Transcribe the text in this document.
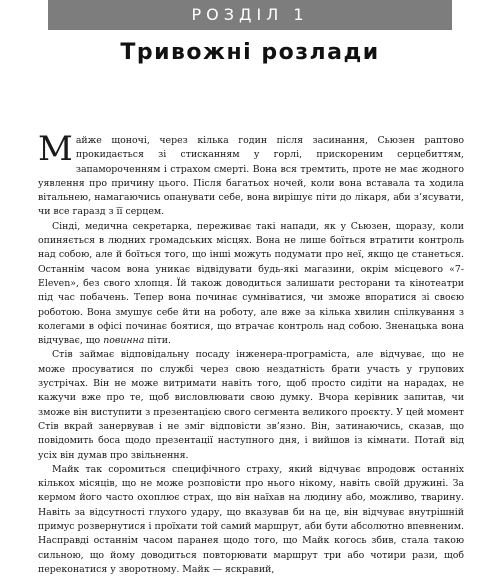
РОЗДІЛ 1
Тривожні розлади

Майже щоночі, через кілька годин після засинання, Сьюзен раптово прокидається зі стисканням у горлі, прискореним серцебиттям, запамороченням і страхом смерті. Вона вся тремтить, проте не має жодного уявлення про причину цього. Після багатьох ночей, коли вона вставала та ходила вітальнею, намагаючись опанувати себе, вона вирішує піти до лікаря, аби з’ясувати, чи все гаразд з її серцем.

Сінді, медична секретарка, переживає такі напади, як у Сьюзен, щоразу, коли опиняється в людних громадських місцях. Вона не лише боїться втратити контроль над собою, але й боїться того, що інші можуть подумати про неї, якщо це станеться. Останнім часом вона уникає відвідувати будь-які магазини, окрім місцевого «7-Eleven», без свого хлопця. Їй також доводиться залишати ресторани та кінотеатри під час побачень. Тепер вона починає сумніватися, чи зможе впоратися зі своєю роботою. Вона змушує себе йти на роботу, але вже за кілька хвилин спілкування з колегами в офісі починає боятися, що втрачає контроль над собою. Зненацька вона відчуває, що повинна піти.

Стів займає відповідальну посаду інженера-програміста, але відчуває, що не може просуватися по службі через свою нездатність брати участь у групових зустрічах. Він не може витримати навіть того, щоб просто сидіти на нарадах, не кажучи вже про те, щоб висловлювати свою думку. Вчора керівник запитав, чи зможе він виступити з презентацією свого сегмента великого проєкту. У цей момент Стів вкрай занервував і не зміг відповісти зв’язно. Він, затинаючись, сказав, що повідомить боса щодо презентації наступного дня, і вийшов із кімнати. Потай від усіх він думав про звільнення.

Майк так соромиться специфічного страху, який відчуває впродовж останніх кількох місяців, що не може розповісти про нього нікому, навіть своїй дружині. За кермом його часто охоплює страх, що він наїхав на людину або, можливо, тварину. Навіть за відсутності глухого удару, що вказував би на це, він відчуває внутрішній примус розвернутися і проїхати той самий маршрут, аби бути абсолютно впевненим. Насправді останнім часом паранея щодо того, що Майк когось збив, стала такою сильною, що йому доводиться повторювати маршрут три або чотири рази, щоб переконатися у зворотному. Майк — яскравий,
